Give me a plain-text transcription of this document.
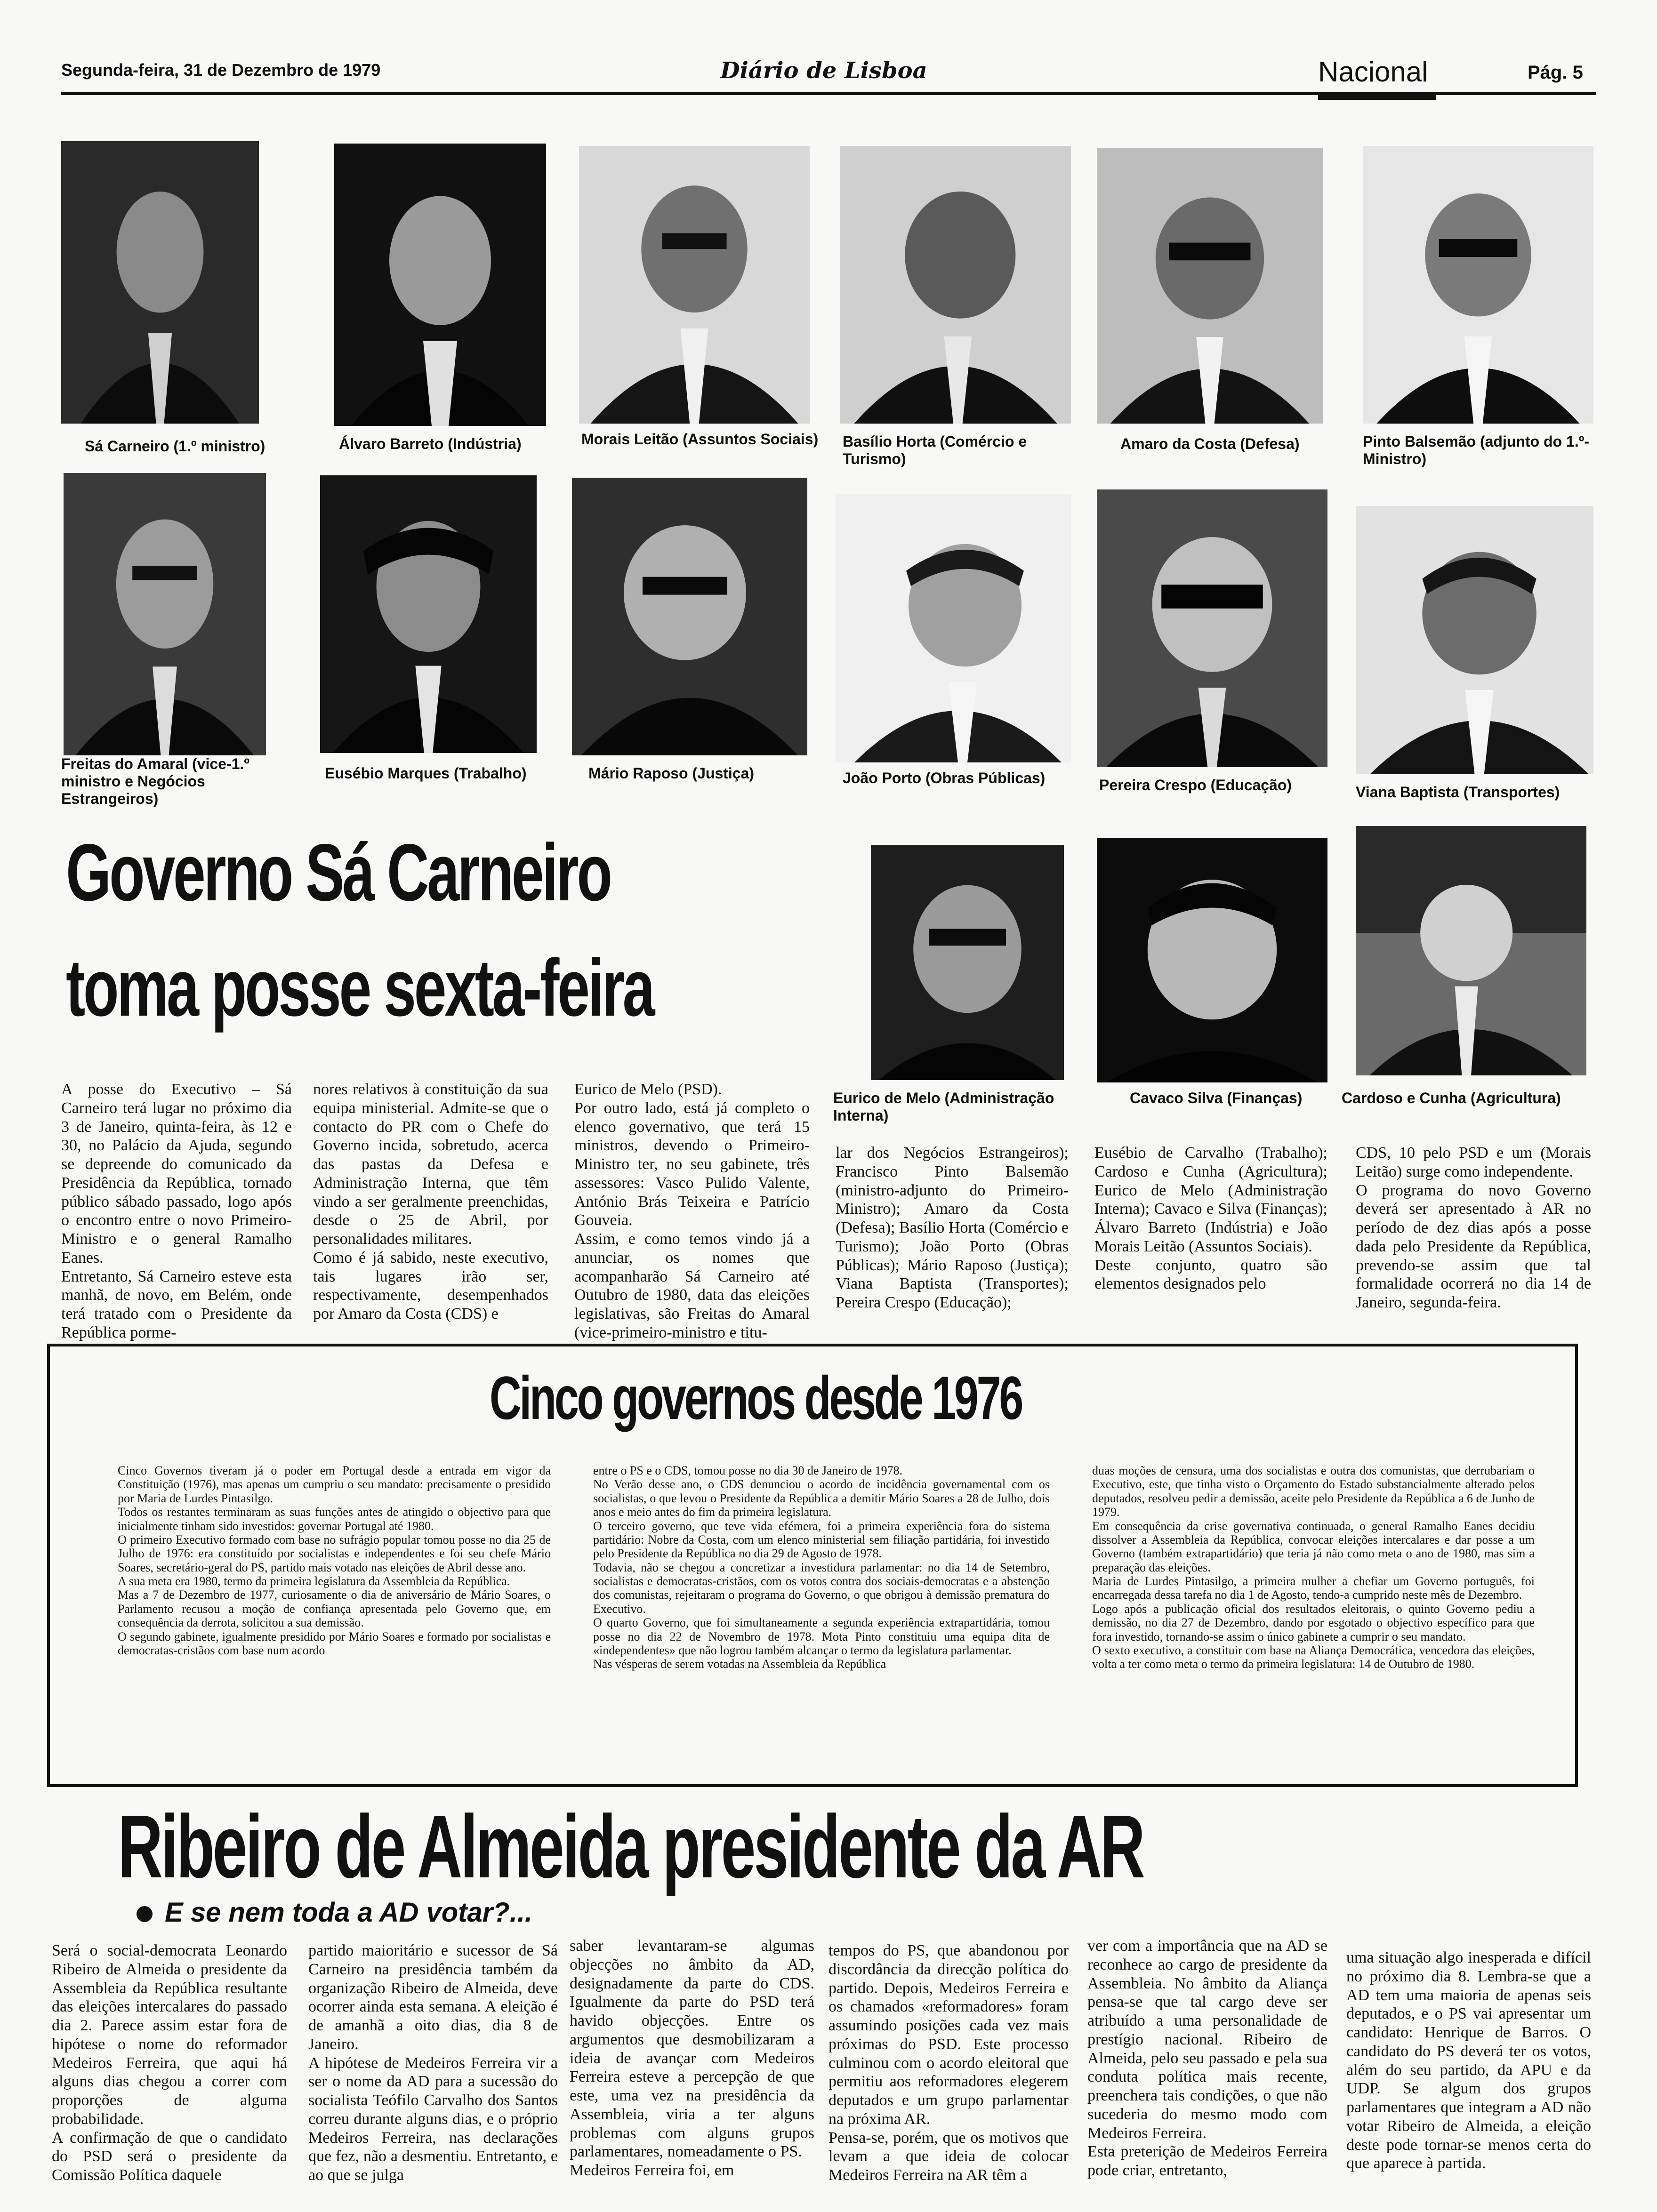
Segunda-feira, 31 de Dezembro de 1979	Diário de Lisboa	Nacional	Pág. 5
Sá Carneiro (1.º ministro)	Álvaro Barreto (Indústria)	Morais Leitão (Assuntos Sociais) Basílio Horta (Comércio e Turismo)
Amaro da Costa (Defesa)	Pinto Balsemão (adjunto do 1.º-Ministro)
Freitas do Amaral (vice-1.º ministro e Negócios Estrangeiros)
Eusébio Marques (Trabalho)	Mário Raposo (Justiça)	João Porto (Obras Públicas)	Pereira Crespo (Educação)	Viana Baptista (Transportes)
Eurico de Melo (Administração Interna)
Cavaco Silva (Finanças)	Cardoso e Cunha (Agricultura)
Governo Sá Carneiro
toma posse sexta-feira
A posse do Executivo – Sá Carneiro terá lugar no próximo dia 3 de Janeiro, quinta-feira, às 12 e 30, no Palácio da Ajuda, segundo se depreende do comunicado da Presidência da República, tornado público sábado passado, logo após o encontro entre o novo Primeiro-Ministro e o general Ramalho Eanes.
Entretanto, Sá Carneiro esteve esta manhã, de novo, em Belém, onde terá tratado com o Presidente da República porme-
nores relativos à constituição da sua equipa ministerial. Admite-se que o contacto do PR com o Chefe do Governo incida, sobretudo, acerca das pastas da Defesa e Administração Interna, que têm vindo a ser geralmente preenchidas, desde o 25 de Abril, por personalidades militares.
Como é já sabido, neste executivo, tais lugares irão ser, respectivamente, desempenhados por Amaro da Costa (CDS) e
Eurico de Melo (PSD).
Por outro lado, está já completo o elenco governativo, que terá 15 ministros, devendo o Primeiro-Ministro ter, no seu gabinete, três assessores: Vasco Pulido Valente, António Brás Teixeira e Patrício Gouveia.
Assim, e como temos vindo já a anunciar, os nomes que acompanharão Sá Carneiro até Outubro de 1980, data das eleições legislativas, são Freitas do Amaral (vice-primeiro-ministro e titu-
lar dos Negócios Estrangeiros); Francisco Pinto Balsemão (ministro-adjunto do Primeiro-Ministro); Amaro da Costa (Defesa); Basílio Horta (Comércio e Turismo); João Porto (Obras Públicas); Mário Raposo (Justiça); Viana Baptista (Transportes); Pereira Crespo (Educação);
Eusébio de Carvalho (Trabalho); Cardoso e Cunha (Agricultura); Eurico de Melo (Administração Interna); Cavaco e Silva (Finanças); Álvaro Barreto (Indústria) e João Morais Leitão (Assuntos Sociais).
Deste conjunto, quatro são elementos designados pelo
CDS, 10 pelo PSD e um (Morais Leitão) surge como independente.
O programa do novo Governo deverá ser apresentado à AR no período de dez dias após a posse dada pelo Presidente da República, prevendo-se assim que tal formalidade ocorrerá no dia 14 de Janeiro, segunda-feira.
Cinco governos desde 1976
Cinco Governos tiveram já o poder em Portugal desde a entrada em vigor da Constituição (1976), mas apenas um cumpriu o seu mandato: precisamente o presidido por Maria de Lurdes Pintasilgo.
Todos os restantes terminaram as suas funções antes de atingido o objectivo para que inicialmente tinham sido investidos: governar Portugal até 1980.
O primeiro Executivo formado com base no sufrágio popular tomou posse no dia 25 de Julho de 1976: era constituído por socialistas e independentes e foi seu chefe Mário Soares, secretário-geral do PS, partido mais votado nas eleições de Abril desse ano.
A sua meta era 1980, termo da primeira legislatura da Assembleia da República.
Mas a 7 de Dezembro de 1977, curiosamente o dia de aniversário de Mário Soares, o Parlamento recusou a moção de confiança apresentada pelo Governo que, em consequência da derrota, solicitou a sua demissão.
O segundo gabinete, igualmente presidido por Mário Soares e formado por socialistas e democratas-cristãos com base num acordo
entre o PS e o CDS, tomou posse no dia 30 de Janeiro de 1978.
No Verão desse ano, o CDS denunciou o acordo de incidência governamental com os socialistas, o que levou o Presidente da República a demitir Mário Soares a 28 de Julho, dois anos e meio antes do fim da primeira legislatura.
O terceiro governo, que teve vida efémera, foi a primeira experiência fora do sistema partidário: Nobre da Costa, com um elenco ministerial sem filiação partidária, foi investido pelo Presidente da República no dia 29 de Agosto de 1978.
Todavia, não se chegou a concretizar a investidura parlamentar: no dia 14 de Setembro, socialistas e democratas-cristãos, com os votos contra dos sociais-democratas e a abstenção dos comunistas, rejeitaram o programa do Governo, o que obrigou à demissão prematura do Executivo.
O quarto Governo, que foi simultaneamente a segunda experiência extrapartidária, tomou posse no dia 22 de Novembro de 1978. Mota Pinto constituiu uma equipa dita de «independentes» que não logrou também alcançar o termo da legislatura parlamentar.
Nas vésperas de serem votadas na Assembleia da República
duas moções de censura, uma dos socialistas e outra dos comunistas, que derrubariam o Executivo, este, que tinha visto o Orçamento do Estado substancialmente alterado pelos deputados, resolveu pedir a demissão, aceite pelo Presidente da República a 6 de Junho de 1979.
Em consequência da crise governativa continuada, o general Ramalho Eanes decidiu dissolver a Assembleia da República, convocar eleições intercalares e dar posse a um Governo (também extrapartidário) que teria já não como meta o ano de 1980, mas sim a preparação das eleições.
Maria de Lurdes Pintasilgo, a primeira mulher a chefiar um Governo português, foi encarregada dessa tarefa no dia 1 de Agosto, tendo-a cumprido neste mês de Dezembro.
Logo após a publicação oficial dos resultados eleitorais, o quinto Governo pediu a demissão, no dia 27 de Dezembro, dando por esgotado o objectivo específico para que fora investido, tornando-se assim o único gabinete a cumprir o seu mandato.
O sexto executivo, a constituir com base na Aliança Democrática, vencedora das eleições, volta a ter como meta o termo da primeira legislatura: 14 de Outubro de 1980.
Ribeiro de Almeida presidente da AR
E se nem toda a AD votar?...
Será o social-democrata Leonardo Ribeiro de Almeida o presidente da Assembleia da República resultante das eleições intercalares do passado dia 2. Parece assim estar fora de hipótese o nome do reformador Medeiros Ferreira, que aqui há alguns dias chegou a correr com proporções de alguma probabilidade.
A confirmação de que o candidato do PSD será o presidente da Comissão Política daquele
partido maioritário e sucessor de Sá Carneiro na presidência também da organização Ribeiro de Almeida, deve ocorrer ainda esta semana. A eleição é de amanhã a oito dias, dia 8 de Janeiro.
A hipótese de Medeiros Ferreira vir a ser o nome da AD para a sucessão do socialista Teófilo Carvalho dos Santos correu durante alguns dias, e o próprio Medeiros Ferreira, nas declarações que fez, não a desmentiu. Entretanto, e ao que se julga
saber levantaram-se algumas objecções no âmbito da AD, designadamente da parte do CDS. Igualmente da parte do PSD terá havido objecções. Entre os argumentos que desmobilizaram a ideia de avançar com Medeiros Ferreira esteve a percepção de que este, uma vez na presidência da Assembleia, viria a ter alguns problemas com alguns grupos parlamentares, nomeadamente o PS.
Medeiros Ferreira foi, em
tempos do PS, que abandonou por discordância da direcção política do partido. Depois, Medeiros Ferreira e os chamados «reformadores» foram assumindo posições cada vez mais próximas do PSD. Este processo culminou com o acordo eleitoral que permitiu aos reformadores elegerem deputados e um grupo parlamentar na próxima AR.
Pensa-se, porém, que os motivos que levam a que ideia de colocar Medeiros Ferreira na AR têm a
ver com a importância que na AD se reconhece ao cargo de presidente da Assembleia. No âmbito da Aliança pensa-se que tal cargo deve ser atribuído a uma personalidade de prestígio nacional. Ribeiro de Almeida, pelo seu passado e pela sua conduta política mais recente, preenchera tais condições, o que não sucederia do mesmo modo com Medeiros Ferreira.
Esta preterição de Medeiros Ferreira pode criar, entretanto,
uma situação algo inesperada e difícil no próximo dia 8. Lembra-se que a AD tem uma maioria de apenas seis deputados, e o PS vai apresentar um candidato: Henrique de Barros. O candidato do PS deverá ter os votos, além do seu partido, da APU e da UDP. Se algum dos grupos parlamentares que integram a AD não votar Ribeiro de Almeida, a eleição deste pode tornar-se menos certa do que aparece à partida.
